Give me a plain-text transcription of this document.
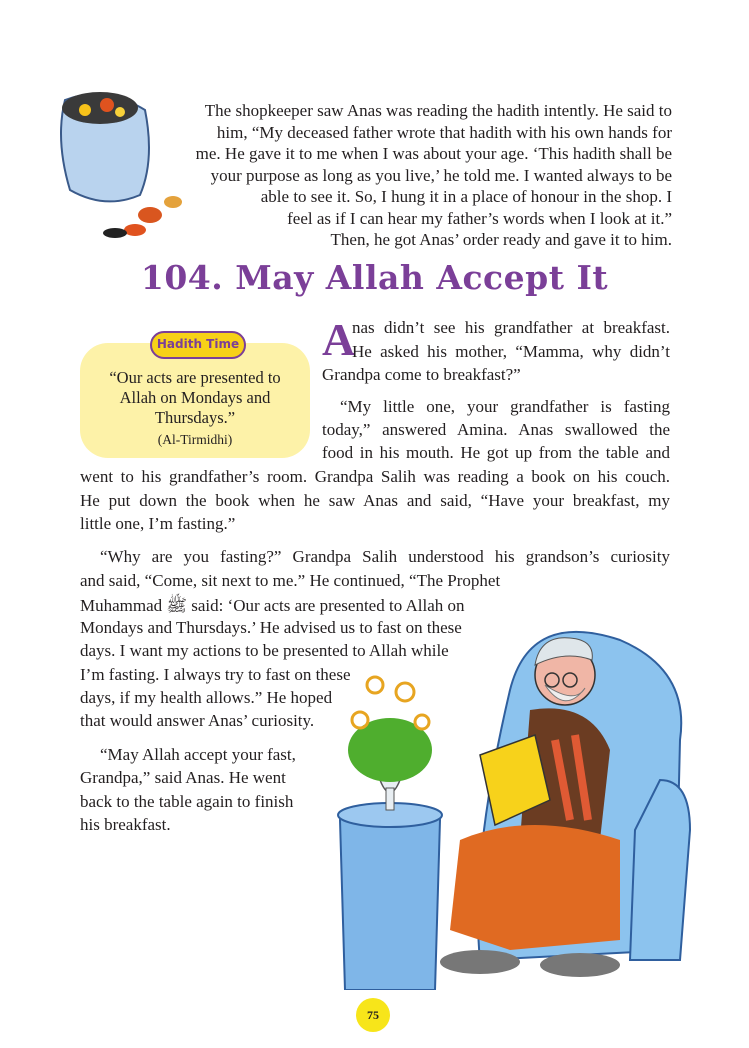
The shopkeeper saw Anas was reading the hadith intently. He said to

him, “My deceased father wrote that hadith with his own hands for

me. He gave it to me when I was about your age. ‘This hadith shall be

your purpose as long as you live,’ he told me. I wanted always to be

able to see it. So, I hung it in a place of honour in the shop. I

feel as if I can hear my father’s words when I look at it.”

Then, he got Anas’ order ready and gave it to him.

104. May Allah Accept It
Hadith Time
“Our acts are presented to Allah on Mondays and Thursdays.”
(Al-Tirmidhi)
A
nas didn’t see his grandfather at breakfast.
He asked his mother, “Mamma, why didn’t
Grandpa come to breakfast?”
“My little one, your grandfather is fasting
today,” answered Amina. Anas swallowed the
food in his mouth. He got up from the table and
went to his grandfather’s room. Grandpa Salih was reading a book on his couch.
He put down the book when he saw Anas and said, “Have your breakfast, my
little one, I’m fasting.”
“Why are you fasting?” Grandpa Salih understood his grandson’s curiosity
and said, “Come, sit next to me.” He continued, “The Prophet
Muhammad ﷺ said: ‘Our acts are presented to Allah on
Mondays and Thursdays.’ He advised us to fast on these
days. I want my actions to be presented to Allah while
I’m fasting. I always try to fast on these
days, if my health allows.” He hoped
that would answer Anas’ curiosity.
“May Allah accept your fast,
Grandpa,” said Anas. He went
back to the table again to finish
his breakfast.
75
